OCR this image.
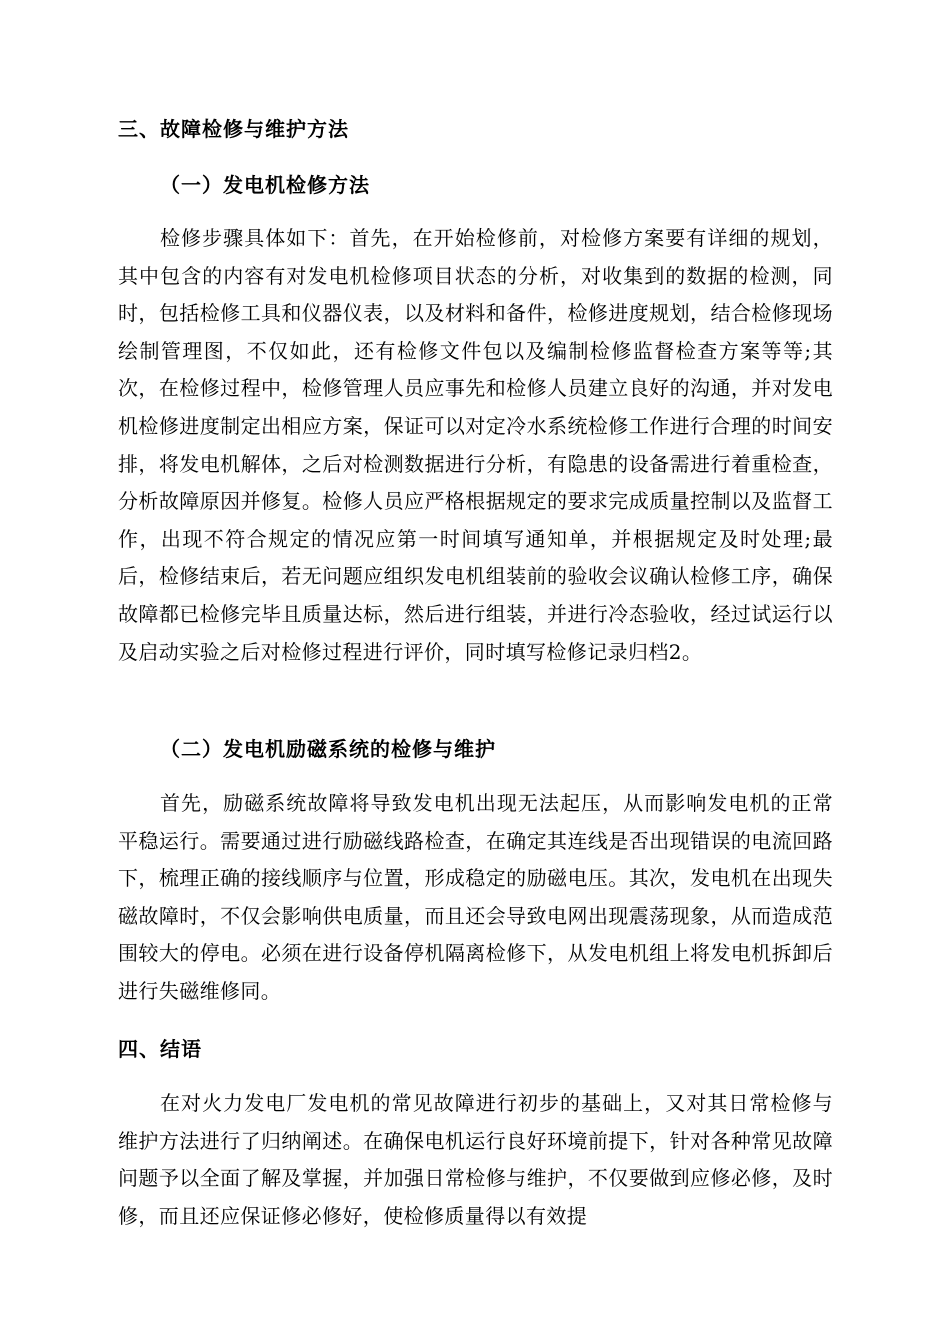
三、故障检修与维护方法
（一）发电机检修方法

检修步骤具体如下：首先，在开始检修前，对检修方案要有详细的规划，其中包含的内容有对发电机检修项目状态的分析，对收集到的数据的检测，同时，包括检修工具和仪器仪表，以及材料和备件，检修进度规划，结合检修现场绘制管理图，不仅如此，还有检修文件包以及编制检修监督检查方案等等;其次，在检修过程中，检修管理人员应事先和检修人员建立良好的沟通，并对发电机检修进度制定出相应方案，保证可以对定冷水系统检修工作进行合理的时间安排，将发电机解体，之后对检测数据进行分析，有隐患的设备需进行着重检查，分析故障原因并修复。检修人员应严格根据规定的要求完成质量控制以及监督工作，出现不符合规定的情况应第一时间填写通知单，并根据规定及时处理;最后，检修结束后，若无问题应组织发电机组装前的验收会议确认检修工序，确保故障都已检修完毕且质量达标，然后进行组装，并进行冷态验收，经过试运行以及启动实验之后对检修过程进行评价，同时填写检修记录归档2。

（二）发电机励磁系统的检修与维护

首先，励磁系统故障将导致发电机出现无法起压，从而影响发电机的正常平稳运行。需要通过进行励磁线路检查，在确定其连线是否出现错误的电流回路下，梳理正确的接线顺序与位置，形成稳定的励磁电压。其次，发电机在出现失磁故障时，不仅会影响供电质量，而且还会导致电网出现震荡现象，从而造成范围较大的停电。必须在进行设备停机隔离检修下，从发电机组上将发电机拆卸后进行失磁维修同。

四、结语

在对火力发电厂发电机的常见故障进行初步的基础上，又对其日常检修与维护方法进行了归纳阐述。在确保电机运行良好环境前提下，针对各种常见故障问题予以全面了解及掌握，并加强日常检修与维护，不仅要做到应修必修，及时修，而且还应保证修必修好，使检修质量得以有效提
